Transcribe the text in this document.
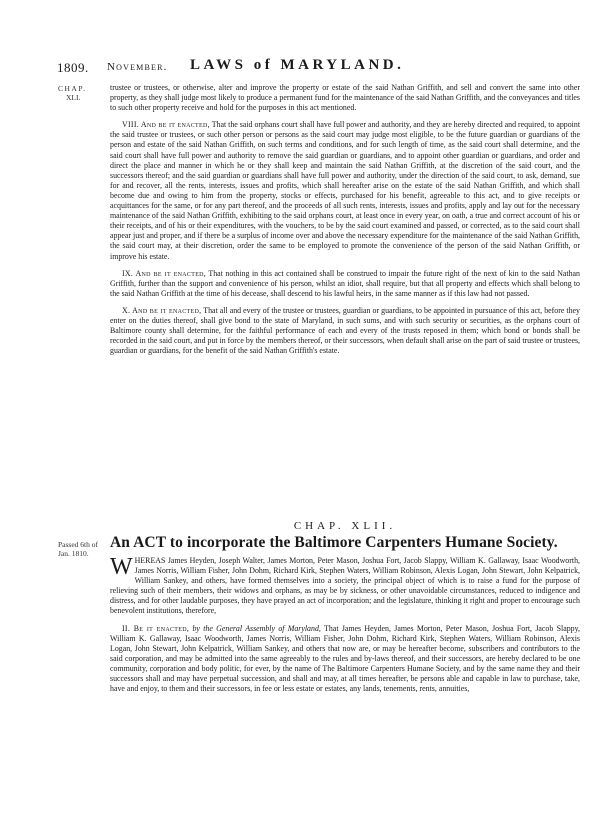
1809. November. LAWS of MARYLAND.
CHAP.
XLI.

trustee or trustees, or otherwise, alter and improve the property or estate of the said Nathan Griffith, and sell and convert the same into other property, as they shall judge most likely to produce a permanent fund for the maintenance of the said Nathan Griffith, and the conveyances and titles to such other property receive and hold for the purposes in this act mentioned.

VIII. And be it enacted, That the said orphans court shall have full power and authority, and they are hereby directed and required, to appoint the said trustee or trustees, or such other person or persons as the said court may judge most eligible, to be the future guardian or guardians of the person and estate of the said Nathan Griffith, on such terms and conditions, and for such length of time, as the said court shall determine, and the said court shall have full power and authority to remove the said guardian or guardians, and to appoint other guardian or guardians, and order and direct the place and manner in which he or they shall keep and maintain the said Nathan Griffith, at the discretion of the said court, and the successors thereof; and the said guardian or guardians shall have full power and authority, under the direction of the said court, to ask, demand, sue for and recover, all the rents, interests, issues and profits, which shall hereafter arise on the estate of the said Nathan Griffith, and which shall become due and owing to him from the property, stocks or effects, purchased for his benefit, agreeable to this act, and to give receipts or acquittances for the same, or for any part thereof, and the proceeds of all such rents, interests, issues and profits, apply and lay out for the necessary maintenance of the said Nathan Griffith, exhibiting to the said orphans court, at least once in every year, on oath, a true and correct account of his or their receipts, and of his or their expenditures, with the vouchers, to be by the said court examined and passed, or corrected, as to the said court shall appear just and proper, and if there be a surplus of income over and above the necessary expenditure for the maintenance of the said Nathan Griffith, the said court may, at their discretion, order the same to be employed to promote the convenience of the person of the said Nathan Griffith, or improve his estate.

IX. And be it enacted, That nothing in this act contained shall be construed to impair the future right of the next of kin to the said Nathan Griffith, further than the support and convenience of his person, whilst an idiot, shall require, but that all property and effects which shall belong to the said Nathan Griffith at the time of his decease, shall descend to his lawful heirs, in the same manner as if this law had not passed.

X. And be it enacted, That all and every of the trustee or trustees, guardian or guardians, to be appointed in pursuance of this act, before they enter on the duties thereof, shall give bond to the state of Maryland, in such sums, and with such security or securities, as the orphans court of Baltimore county shall determine, for the faithful performance of each and every of the trusts reposed in them; which bond or bonds shall be recorded in the said court, and put in force by the members thereof, or their successors, when default shall arise on the part of said trustee or trustees, guardian or guardians, for the benefit of the said Nathan Griffith's estate.

CHAP. XLII.
Passed 6th of
Jan. 1810.
An ACT to incorporate the Baltimore Carpenters Humane Society.

WHEREAS James Heyden, Joseph Walter, James Morton, Peter Mason, Joshua Fort, Jacob Slappy, William K. Gallaway, Isaac Woodworth, James Norris, William Fisher, John Dohm, Richard Kirk, Stephen Waters, William Robinson, Alexis Logan, John Stewart, John Kelpatrick, William Sankey, and others, have formed themselves into a society, the principal object of which is to raise a fund for the purpose of relieving such of their members, their widows and orphans, as may be by sickness, or other unavoidable circumstances, reduced to indigence and distress, and for other laudable purposes, they have prayed an act of incorporation; and the legislature, thinking it right and proper to encourage such benevolent institutions, therefore,

II. Be it enacted, by the General Assembly of Maryland, That James Heyden, James Morton, Peter Mason, Joshua Fort, Jacob Slappy, William K. Gallaway, Isaac Woodworth, James Norris, William Fisher, John Dohm, Richard Kirk, Stephen Waters, William Robinson, Alexis Logan, John Stewart, John Kelpatrick, William Sankey, and others that now are, or may be hereafter become, subscribers and contributors to the said corporation, and may be admitted into the same agreeably to the rules and by-laws thereof, and their successors, are hereby declared to be one community, corporation and body politic, for ever, by the name of The Baltimore Carpenters Humane Society, and by the same name they and their successors shall and may have perpetual succession, and shall and may, at all times hereafter, be persons able and capable in law to purchase, take, have and enjoy, to them and their successors, in fee or less estate or estates, any lands, tenements, rents, annuities,
